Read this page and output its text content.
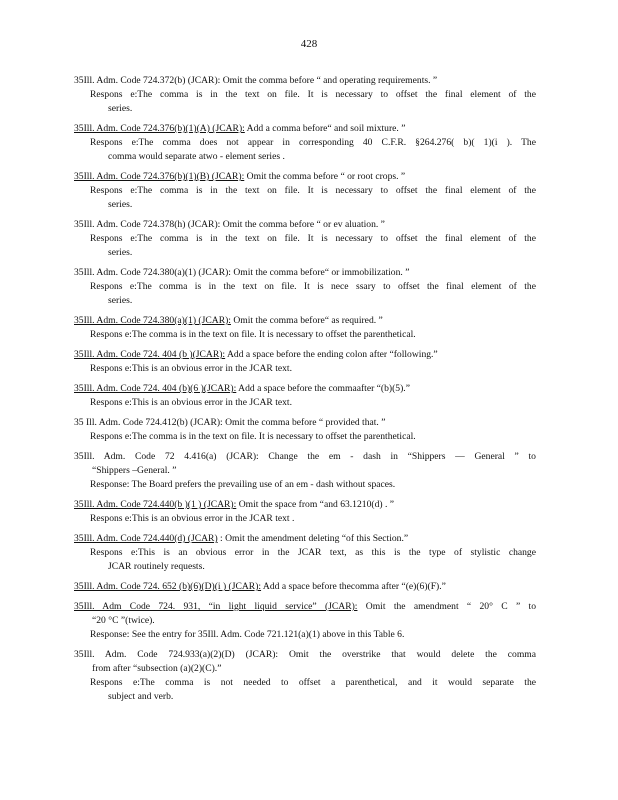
428
35Ill. Adm. Code 724.372(b) (JCAR): Omit the comma before “ and operating requirements. ”
Respons e:The comma is in the text on file. It is necessary to offset the final element of the
series.
35Ill. Adm. Code 724.376(b)(1)(A) (JCAR): Add a comma before“ and soil mixture. ”
Respons e:The comma does not appear in corresponding 40 C.F.R. §264.276( b)( 1)(i ). The
comma would separate atwo - element series .
35Ill. Adm. Code 724.376(b)(1)(B) (JCAR): Omit the comma before “ or root crops. ”
Respons e:The comma is in the text on file. It is necessary to offset the final element of the
series.
35Ill. Adm. Code 724.378(h) (JCAR): Omit the comma before “ or ev aluation. ”
Respons e:The comma is in the text on file. It is necessary to offset the final element of the
series.
35Ill. Adm. Code 724.380(a)(1) (JCAR): Omit the comma before“ or immobilization. ”
Respons e:The comma is in the text on file. It is nece ssary to offset the final element of the
series.
35Ill. Adm. Code 724.380(a)(1) (JCAR): Omit the comma before“ as required. ”
Respons e:The comma is in the text on file. It is necessary to offset the parenthetical.
35Ill. Adm. Code 724. 404 (b )(JCAR): Add a space before the ending colon after “following.”
Respons e:This is an obvious error in the JCAR text.
35Ill. Adm. Code 724. 404 (b)(6 )(JCAR): Add a space before the commaafter “(b)(5).”
Respons e:This is an obvious error in the JCAR text.
35 Ill. Adm. Code 724.412(b) (JCAR): Omit the comma before “ provided that. ”
Respons e:The comma is in the text on file. It is necessary to offset the parenthetical.
35Ill. Adm. Code 72 4.416(a) (JCAR): Change the em - dash in “Shippers — General ” to
“Shippers –General. ”
Response: The Board prefers the prevailing use of an em - dash without spaces.
35Ill. Adm. Code 724.440(b )(1 ) (JCAR): Omit the space from “and 63.1210(d) . ”
Respons e:This is an obvious error in the JCAR text .
35Ill. Adm. Code 724.440(d) (JCAR) : Omit the amendment deleting “of this Section.”
Respons e:This is an obvious error in the JCAR text, as this is the type of stylistic change
JCAR routinely requests.
35Ill. Adm. Code 724. 652 (b)(6)(D)(i ) (JCAR): Add a space before thecomma after “(e)(6)(F).”
35Ill. Adm Code 724. 931, “in light liquid service” (JCAR): Omit the amendment “ 20° C ” to
“20 °C ”(twice).
Response: See the entry for 35Ill. Adm. Code 721.121(a)(1) above in this Table 6.
35Ill. Adm. Code 724.933(a)(2)(D) (JCAR): Omit the overstrike that would delete the comma
from after “subsection (a)(2)(C).”
Respons e:The comma is not needed to offset a parenthetical, and it would separate the
subject and verb.
